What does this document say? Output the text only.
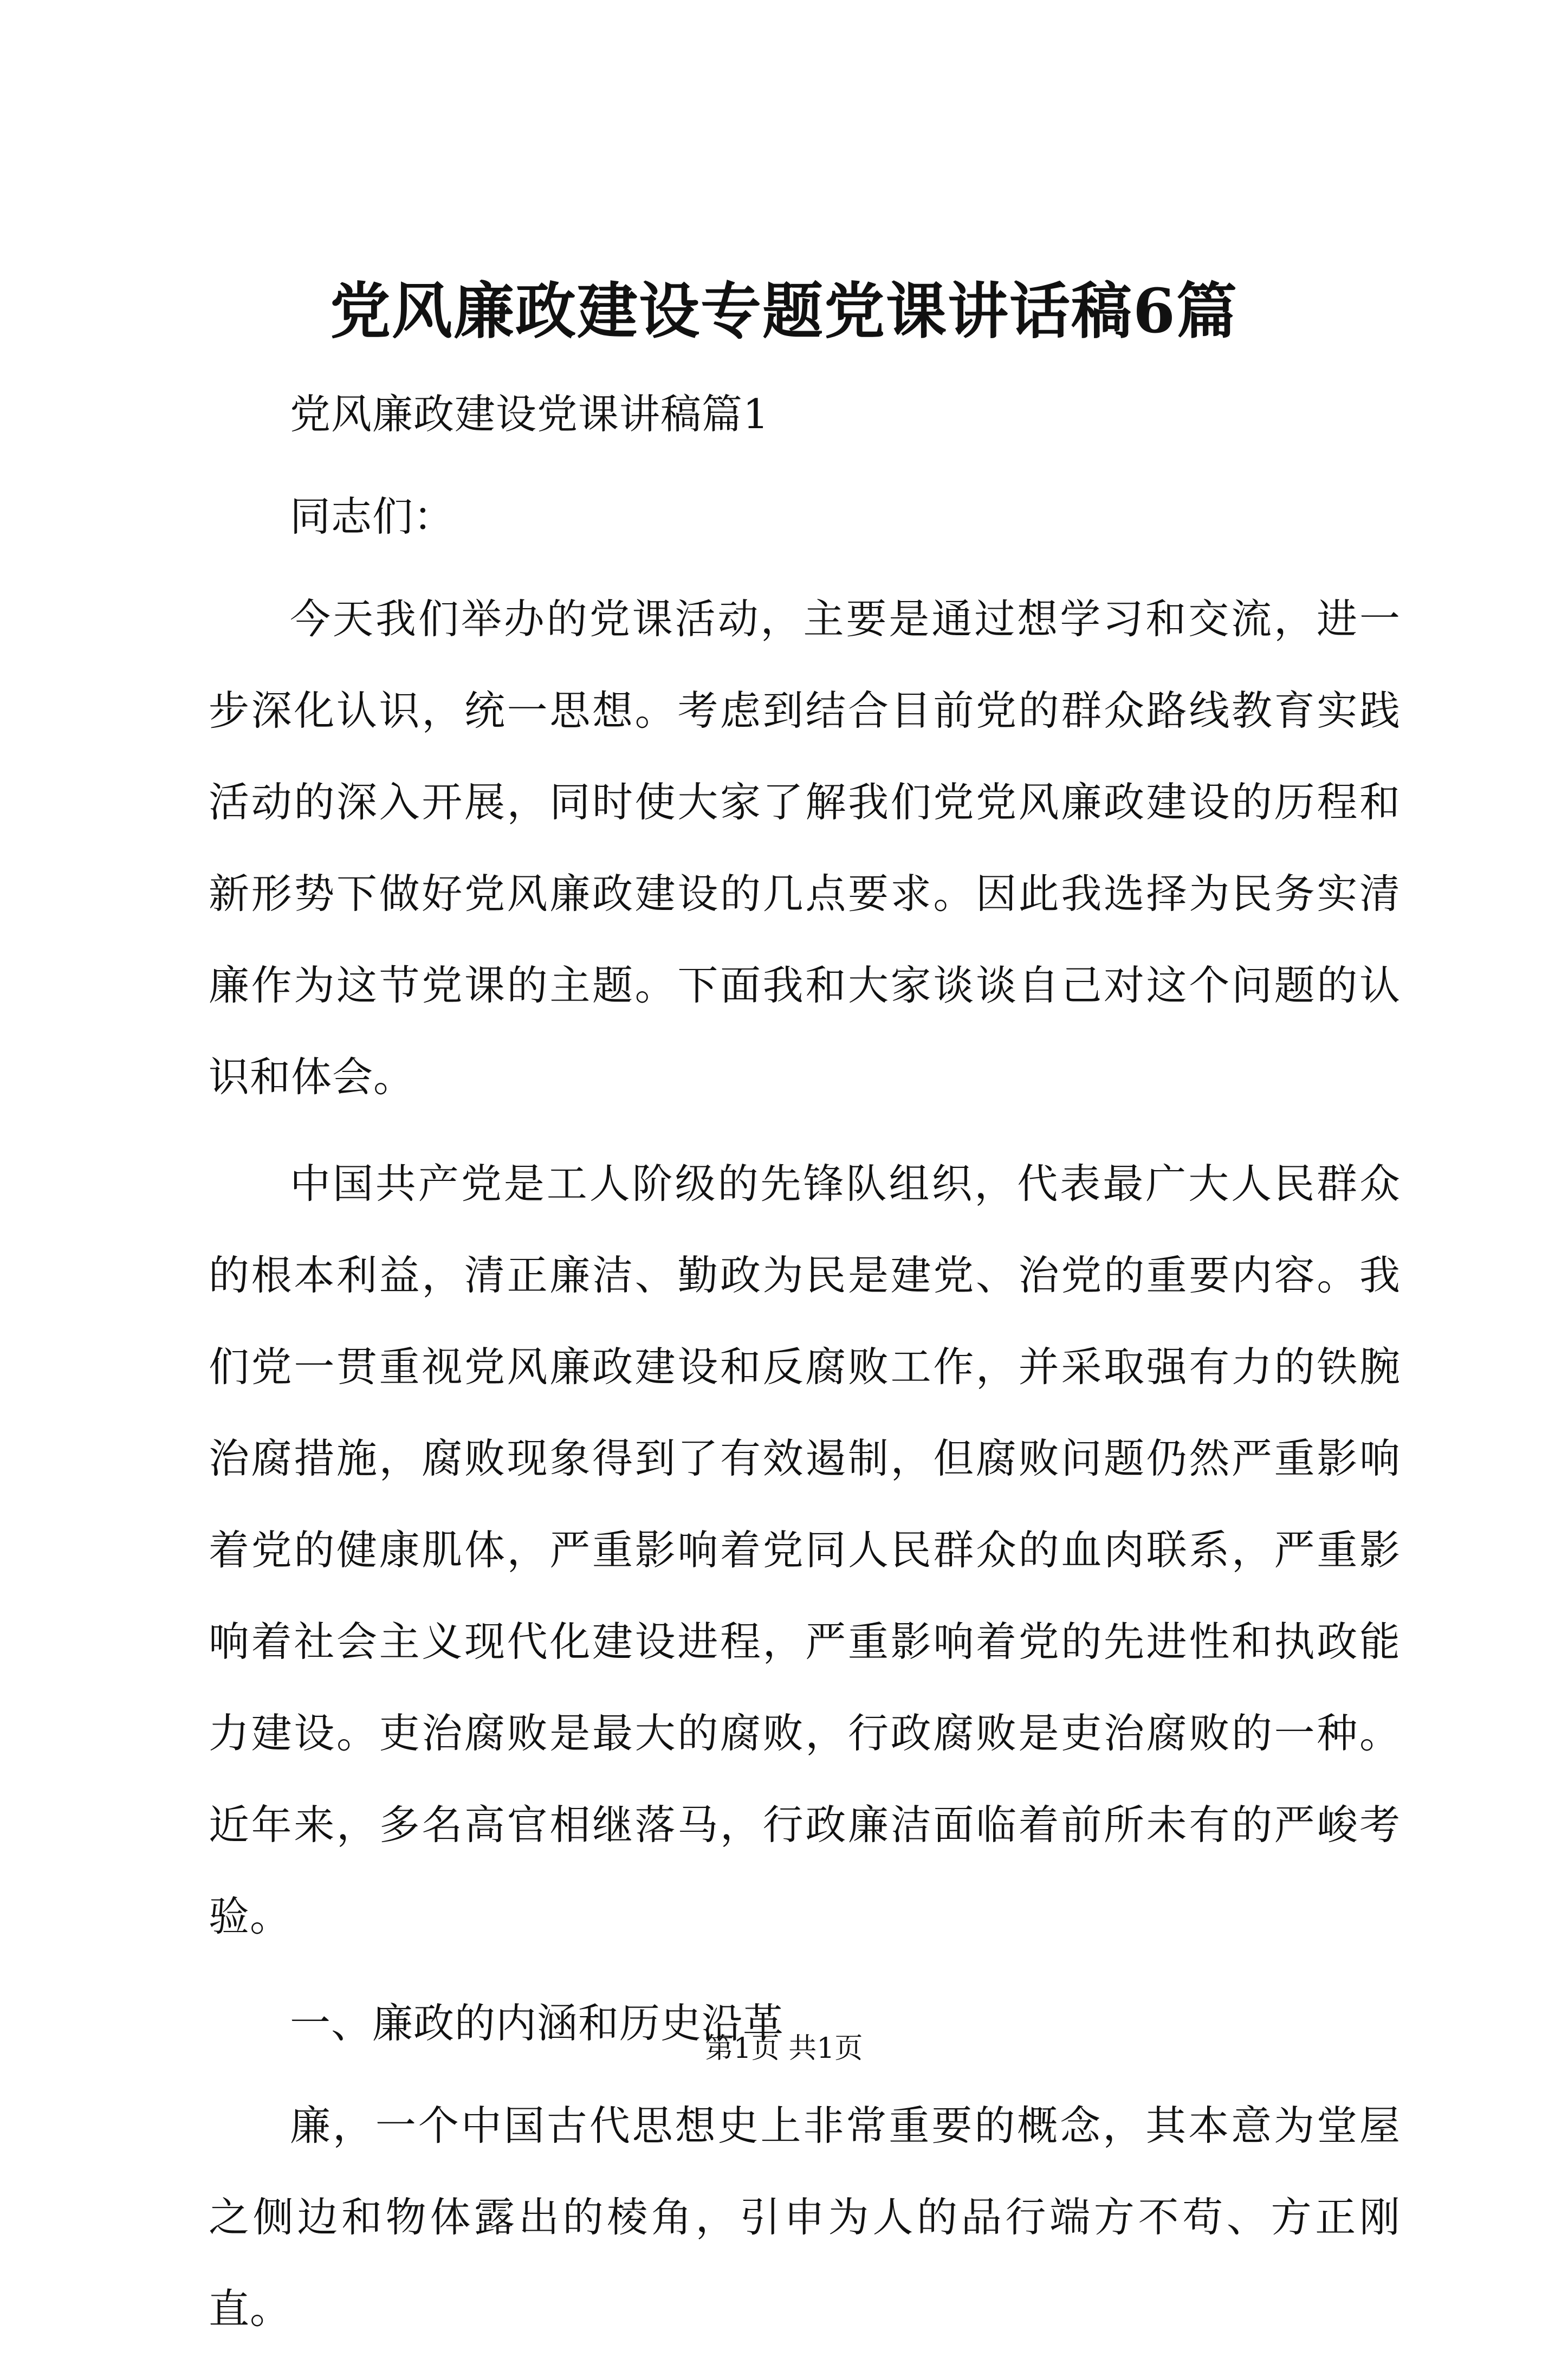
党风廉政建设专题党课讲话稿6篇

党风廉政建设党课讲稿篇1

同志们：

今天我们举办的党课活动，主要是通过想学习和交流，进一步深化认识，统一思想。考虑到结合目前党的群众路线教育实践活动的深入开展，同时使大家了解我们党党风廉政建设的历程和新形势下做好党风廉政建设的几点要求。因此我选择为民务实清廉作为这节党课的主题。下面我和大家谈谈自己对这个问题的认识和体会。

中国共产党是工人阶级的先锋队组织，代表最广大人民群众的根本利益，清正廉洁、勤政为民是建党、治党的重要内容。我们党一贯重视党风廉政建设和反腐败工作，并采取强有力的铁腕治腐措施，腐败现象得到了有效遏制，但腐败问题仍然严重影响着党的健康肌体，严重影响着党同人民群众的血肉联系，严重影响着社会主义现代化建设进程，严重影响着党的先进性和执政能力建设。吏治腐败是最大的腐败，行政腐败是吏治腐败的一种。近年来，多名高官相继落马，行政廉洁面临着前所未有的严峻考验。

一、廉政的内涵和历史沿革

廉，一个中国古代思想史上非常重要的概念，其本意为堂屋之侧边和物体露出的棱角，引申为人的品行端方不苟、方正刚直。

第1页 共1页
